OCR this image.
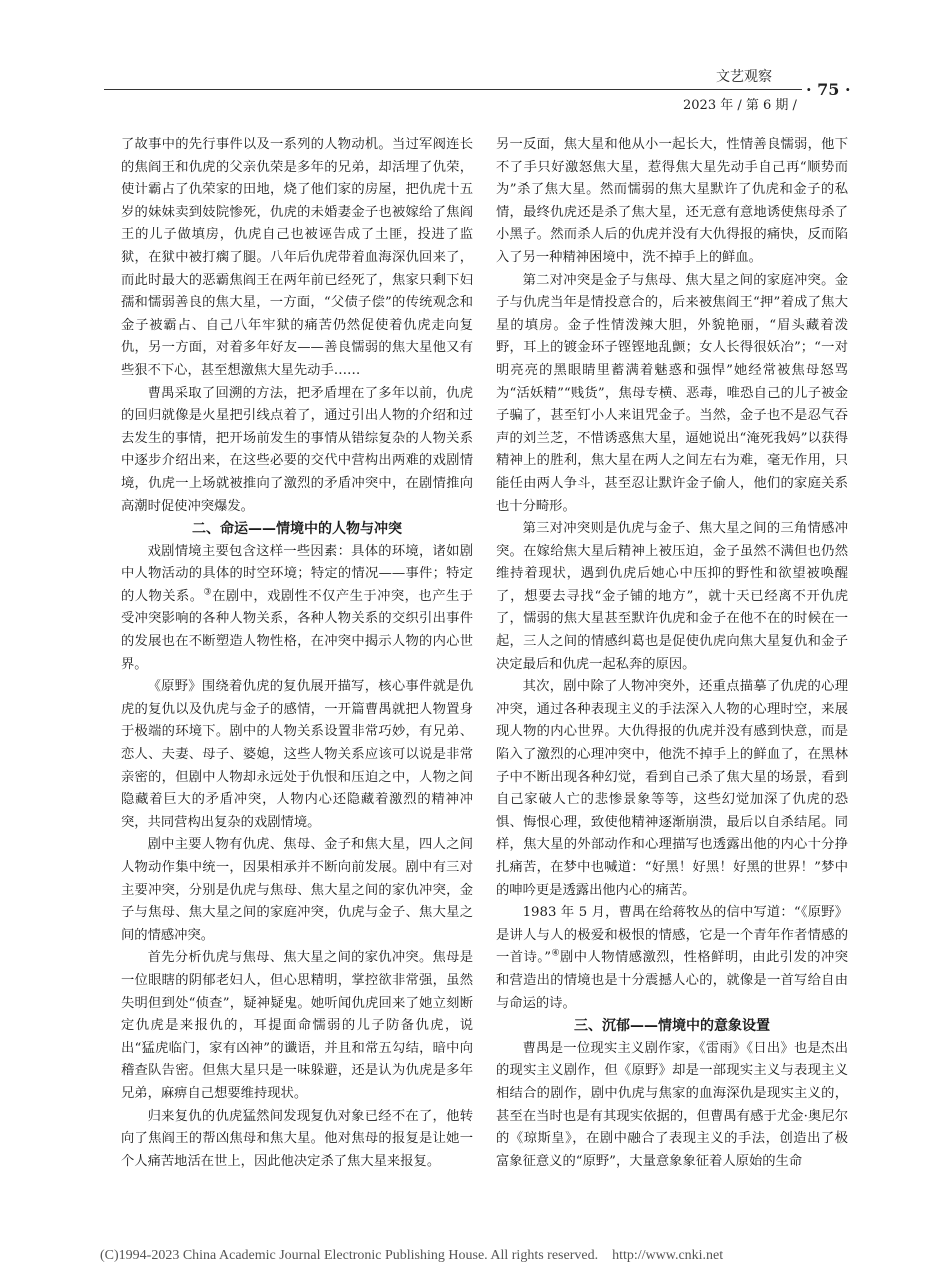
文艺观察
· 75 ·
2023 年 / 第 6 期 /

了故事中的先行事件以及一系列的人物动机。当过军阀连长的焦阎王和仇虎的父亲仇荣是多年的兄弟，却活埋了仇荣，使计霸占了仇荣家的田地，烧了他们家的房屋，把仇虎十五岁的妹妹卖到妓院惨死，仇虎的未婚妻金子也被嫁给了焦阎王的儿子做填房，仇虎自己也被诬告成了土匪，投进了监狱，在狱中被打瘸了腿。八年后仇虎带着血海深仇回来了，而此时最大的恶霸焦阎王在两年前已经死了，焦家只剩下妇孺和懦弱善良的焦大星，一方面，“父债子偿”的传统观念和金子被霸占、自己八年牢狱的痛苦仍然促使着仇虎走向复仇，另一方面，对着多年好友——善良懦弱的焦大星他又有些狠不下心，甚至想激焦大星先动手……

曹禺采取了回溯的方法，把矛盾埋在了多年以前，仇虎的回归就像是火星把引线点着了，通过引出人物的介绍和过去发生的事情，把开场前发生的事情从错综复杂的人物关系中逐步介绍出来，在这些必要的交代中营构出两难的戏剧情境，仇虎一上场就被推向了激烈的矛盾冲突中，在剧情推向高潮时促使冲突爆发。

二、命运——情境中的人物与冲突

戏剧情境主要包含这样一些因素：具体的环境，诸如剧中人物活动的具体的时空环境；特定的情况——事件；特定的人物关系。③在剧中，戏剧性不仅产生于冲突，也产生于受冲突影响的各种人物关系，各种人物关系的交织引出事件的发展也在不断塑造人物性格，在冲突中揭示人物的内心世界。

《原野》围绕着仇虎的复仇展开描写，核心事件就是仇虎的复仇以及仇虎与金子的感情，一开篇曹禺就把人物置身于极端的环境下。剧中的人物关系设置非常巧妙，有兄弟、恋人、夫妻、母子、婆媳，这些人物关系应该可以说是非常亲密的，但剧中人物却永远处于仇恨和压迫之中，人物之间隐藏着巨大的矛盾冲突，人物内心还隐藏着激烈的精神冲突，共同营构出复杂的戏剧情境。

剧中主要人物有仇虎、焦母、金子和焦大星，四人之间人物动作集中统一，因果相承并不断向前发展。剧中有三对主要冲突，分别是仇虎与焦母、焦大星之间的家仇冲突，金子与焦母、焦大星之间的家庭冲突，仇虎与金子、焦大星之间的情感冲突。

首先分析仇虎与焦母、焦大星之间的家仇冲突。焦母是一位眼瞎的阴郁老妇人，但心思精明，掌控欲非常强，虽然失明但到处“侦查”，疑神疑鬼。她听闻仇虎回来了她立刻断定仇虎是来报仇的，耳提面命懦弱的儿子防备仇虎，说出“猛虎临门，家有凶神”的谶语，并且和常五勾结，暗中向稽查队告密。但焦大星只是一味躲避，还是认为仇虎是多年兄弟，麻痹自己想要维持现状。

归来复仇的仇虎猛然间发现复仇对象已经不在了，他转向了焦阎王的帮凶焦母和焦大星。他对焦母的报复是让她一个人痛苦地活在世上，因此他决定杀了焦大星来报复。

另一反面，焦大星和他从小一起长大，性情善良懦弱，他下不了手只好激怒焦大星，惹得焦大星先动手自己再“顺势而为”杀了焦大星。然而懦弱的焦大星默许了仇虎和金子的私情，最终仇虎还是杀了焦大星，还无意有意地诱使焦母杀了小黑子。然而杀人后的仇虎并没有大仇得报的痛快，反而陷入了另一种精神困境中，洗不掉手上的鲜血。

第二对冲突是金子与焦母、焦大星之间的家庭冲突。金子与仇虎当年是情投意合的，后来被焦阎王“押”着成了焦大星的填房。金子性情泼辣大胆，外貌艳丽，“眉头藏着泼野，耳上的镀金环子铿铿地乱颤；女人长得很妖冶”；“一对明亮亮的黑眼睛里蓄满着魅惑和强悍”她经常被焦母怒骂为“活妖精”“贱货”，焦母专横、恶毒，唯恐自己的儿子被金子骗了，甚至钉小人来诅咒金子。当然，金子也不是忍气吞声的刘兰芝，不惜诱惑焦大星，逼她说出“淹死我妈”以获得精神上的胜利，焦大星在两人之间左右为难，毫无作用，只能任由两人争斗，甚至忍让默许金子偷人，他们的家庭关系也十分畸形。

第三对冲突则是仇虎与金子、焦大星之间的三角情感冲突。在嫁给焦大星后精神上被压迫，金子虽然不满但也仍然维持着现状，遇到仇虎后她心中压抑的野性和欲望被唤醒了，想要去寻找“金子铺的地方”，就十天已经离不开仇虎了，懦弱的焦大星甚至默许仇虎和金子在他不在的时候在一起，三人之间的情感纠葛也是促使仇虎向焦大星复仇和金子决定最后和仇虎一起私奔的原因。

其次，剧中除了人物冲突外，还重点描摹了仇虎的心理冲突，通过各种表现主义的手法深入人物的心理时空，来展现人物的内心世界。大仇得报的仇虎并没有感到快意，而是陷入了激烈的心理冲突中，他洗不掉手上的鲜血了，在黑林子中不断出现各种幻觉，看到自己杀了焦大星的场景，看到自己家破人亡的悲惨景象等等，这些幻觉加深了仇虎的恐惧、悔恨心理，致使他精神逐渐崩溃，最后以自杀结尾。同样，焦大星的外部动作和心理描写也透露出他的内心十分挣扎痛苦，在梦中也喊道：“好黑！好黑！好黑的世界！”梦中的呻吟更是透露出他内心的痛苦。

1983 年 5 月，曹禺在给蒋牧丛的信中写道：“《原野》是讲人与人的极爱和极恨的情感，它是一个青年作者情感的一首诗。”④剧中人物情感激烈，性格鲜明，由此引发的冲突和营造出的情境也是十分震撼人心的，就像是一首写给自由与命运的诗。

三、沉郁——情境中的意象设置

曹禺是一位现实主义剧作家，《雷雨》《日出》也是杰出的现实主义剧作，但《原野》却是一部现实主义与表现主义相结合的剧作，剧中仇虎与焦家的血海深仇是现实主义的，甚至在当时也是有其现实依据的，但曹禺有感于尤金·奥尼尔的《琼斯皇》，在剧中融合了表现主义的手法，创造出了极富象征意义的“原野”，大量意象象征着人原始的生命

(C)1994-2023 China Academic Journal Electronic Publishing House. All rights reserved. http://www.cnki.net
